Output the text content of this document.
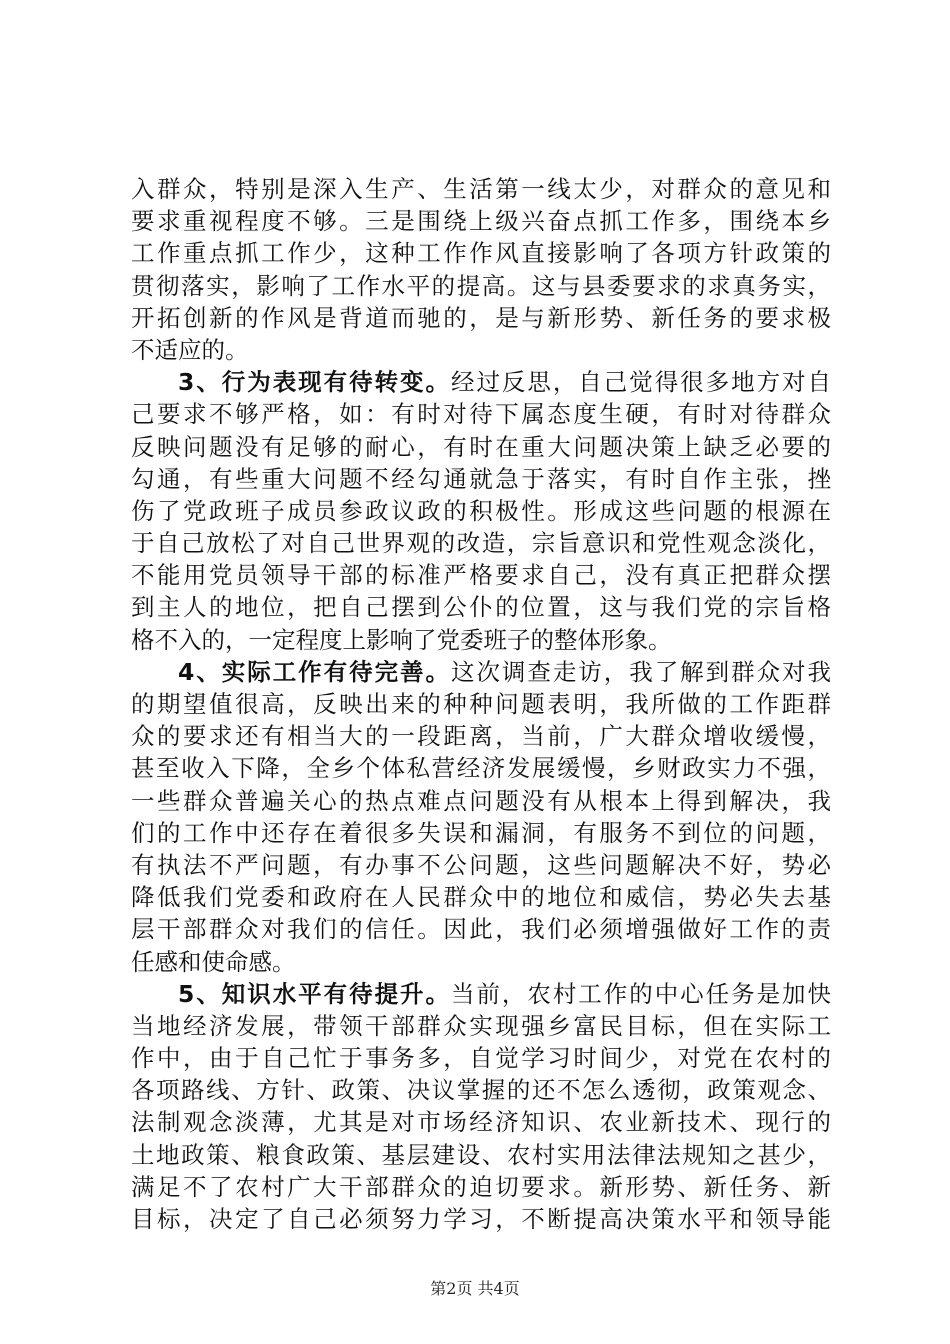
入群众，特别是深入生产、生活第一线太少，对群众的意见和
要求重视程度不够。三是围绕上级兴奋点抓工作多，围绕本乡
工作重点抓工作少，这种工作作风直接影响了各项方针政策的
贯彻落实，影响了工作水平的提高。这与县委要求的求真务实，
开拓创新的作风是背道而驰的，是与新形势、新任务的要求极
不适应的。
3、行为表现有待转变。经过反思，自己觉得很多地方对自
己要求不够严格，如：有时对待下属态度生硬，有时对待群众
反映问题没有足够的耐心，有时在重大问题决策上缺乏必要的
勾通，有些重大问题不经勾通就急于落实，有时自作主张，挫
伤了党政班子成员参政议政的积极性。形成这些问题的根源在
于自己放松了对自己世界观的改造，宗旨意识和党性观念淡化，
不能用党员领导干部的标准严格要求自己，没有真正把群众摆
到主人的地位，把自己摆到公仆的位置，这与我们党的宗旨格
格不入的，一定程度上影响了党委班子的整体形象。
4、实际工作有待完善。这次调查走访，我了解到群众对我
的期望值很高，反映出来的种种问题表明，我所做的工作距群
众的要求还有相当大的一段距离，当前，广大群众增收缓慢，
甚至收入下降，全乡个体私营经济发展缓慢，乡财政实力不强，
一些群众普遍关心的热点难点问题没有从根本上得到解决，我
们的工作中还存在着很多失误和漏洞，有服务不到位的问题，
有执法不严问题，有办事不公问题，这些问题解决不好，势必
降低我们党委和政府在人民群众中的地位和威信，势必失去基
层干部群众对我们的信任。因此，我们必须增强做好工作的责
任感和使命感。
5、知识水平有待提升。当前，农村工作的中心任务是加快
当地经济发展，带领干部群众实现强乡富民目标，但在实际工
作中，由于自己忙于事务多，自觉学习时间少，对党在农村的
各项路线、方针、政策、决议掌握的还不怎么透彻，政策观念、
法制观念淡薄，尤其是对市场经济知识、农业新技术、现行的
土地政策、粮食政策、基层建设、农村实用法律法规知之甚少，
满足不了农村广大干部群众的迫切要求。新形势、新任务、新
目标，决定了自己必须努力学习，不断提高决策水平和领导能
第2页 共4页
